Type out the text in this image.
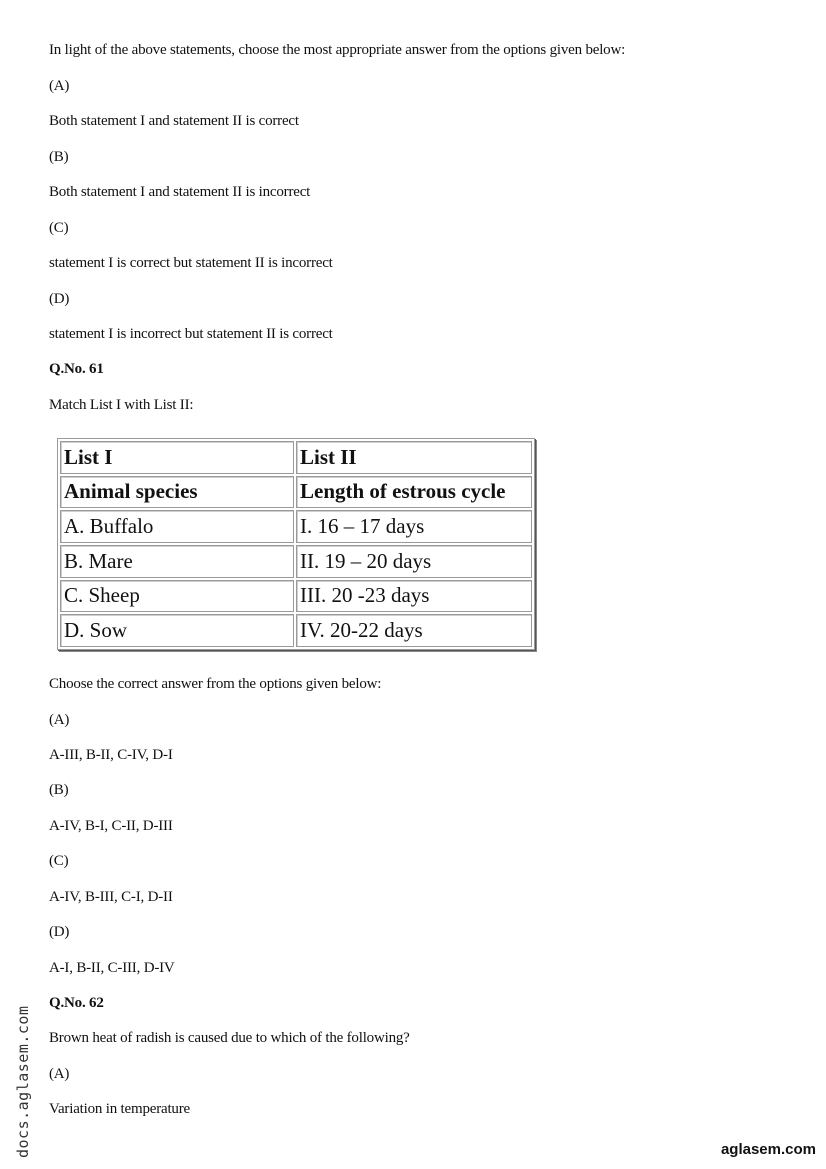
In light of the above statements, choose the most appropriate answer from the options given below:

(A)

Both statement I and statement II is correct

(B)

Both statement I and statement II is incorrect

(C)

statement I is correct but statement II is incorrect

(D)

statement I is incorrect but statement II is correct

Q.No. 61

Match List I with List II:

List I	List II
Animal species	Length of estrous cycle
A. Buffalo	I. 16 – 17 days
B. Mare	II. 19 – 20 days
C. Sheep	III. 20 -23 days
D. Sow	IV. 20-22 days

Choose the correct answer from the options given below:

(A)

A-III, B-II, C-IV, D-I

(B)

A-IV, B-I, C-II, D-III

(C)

A-IV, B-III, C-I, D-II

(D)

A-I, B-II, C-III, D-IV

Q.No. 62

Brown heat of radish is caused due to which of the following?

(A)

Variation in temperature

docs.aglasem.com	aglasem.com
